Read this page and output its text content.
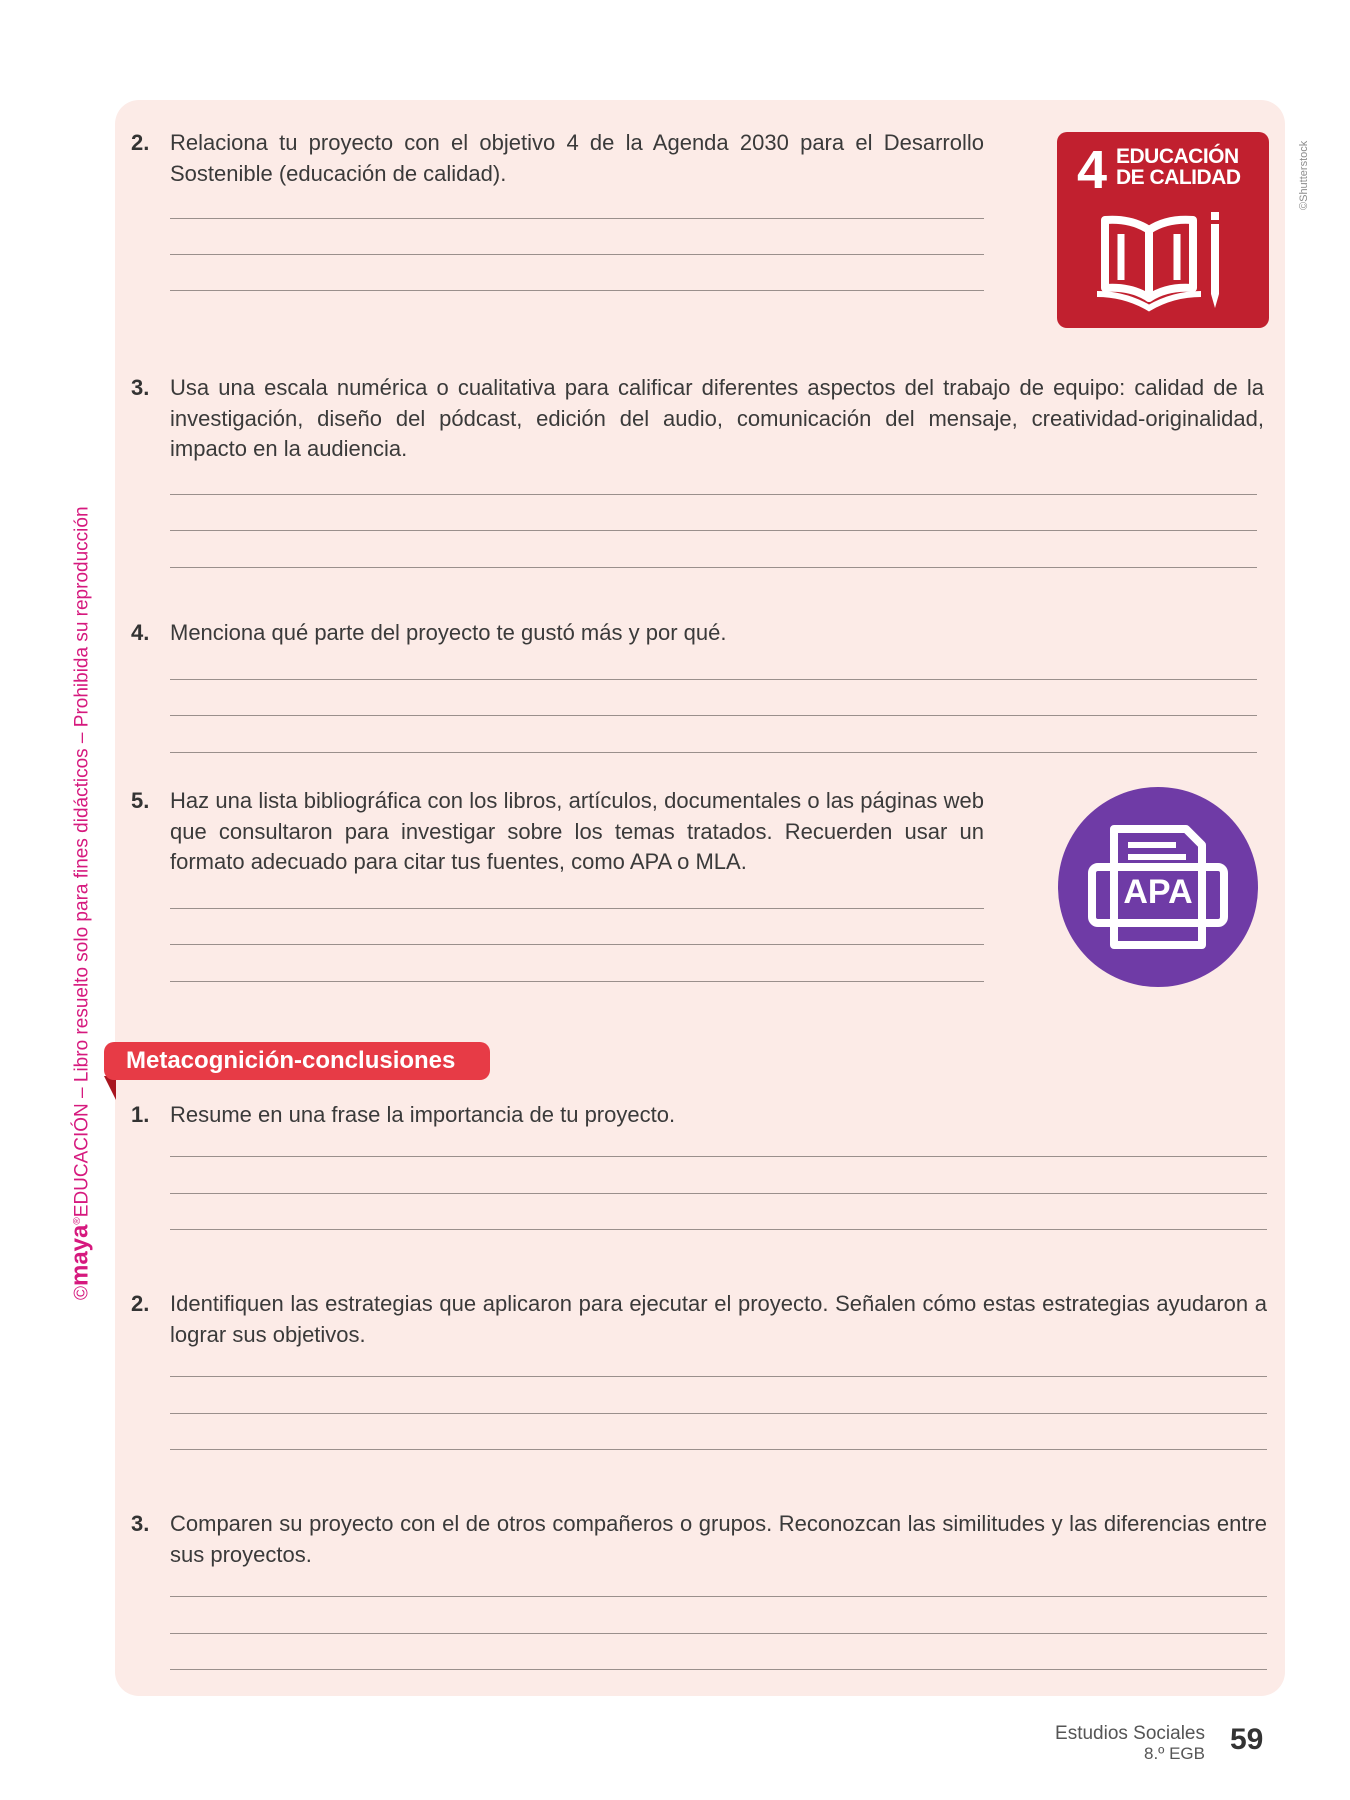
©maya®EDUCACIÓN – Libro resuelto solo para fines didácticos – Prohibida su reproducción
©Shutterstock
2. Relaciona tu proyecto con el objetivo 4 de la Agenda 2030 para el Desarrollo Sostenible (educación de calidad).	4 EDUCACIÓN
DE CALIDAD
3. Usa una escala numérica o cualitativa para calificar diferentes aspectos del trabajo de equipo: calidad de la investigación, diseño del pódcast, edición del audio, comunicación del mensaje, creatividad-originalidad, impacto en la audiencia.
4. Menciona qué parte del proyecto te gustó más y por qué.
5. Haz una lista bibliográfica con los libros, artículos, documentales o las páginas web que consultaron para investigar sobre los temas tratados. Recuerden usar un formato adecuado para citar tus fuentes, como APA o MLA.
APA
Metacognición-conclusiones
1. Resume en una frase la importancia de tu proyecto.
2. Identifiquen las estrategias que aplicaron para ejecutar el proyecto. Señalen cómo estas estrategias ayudaron a lograr sus objetivos.
3. Comparen su proyecto con el de otros compañeros o grupos. Reconozcan las similitudes y las diferencias entre sus proyectos.
Estudios Sociales
8.º EGB 59
